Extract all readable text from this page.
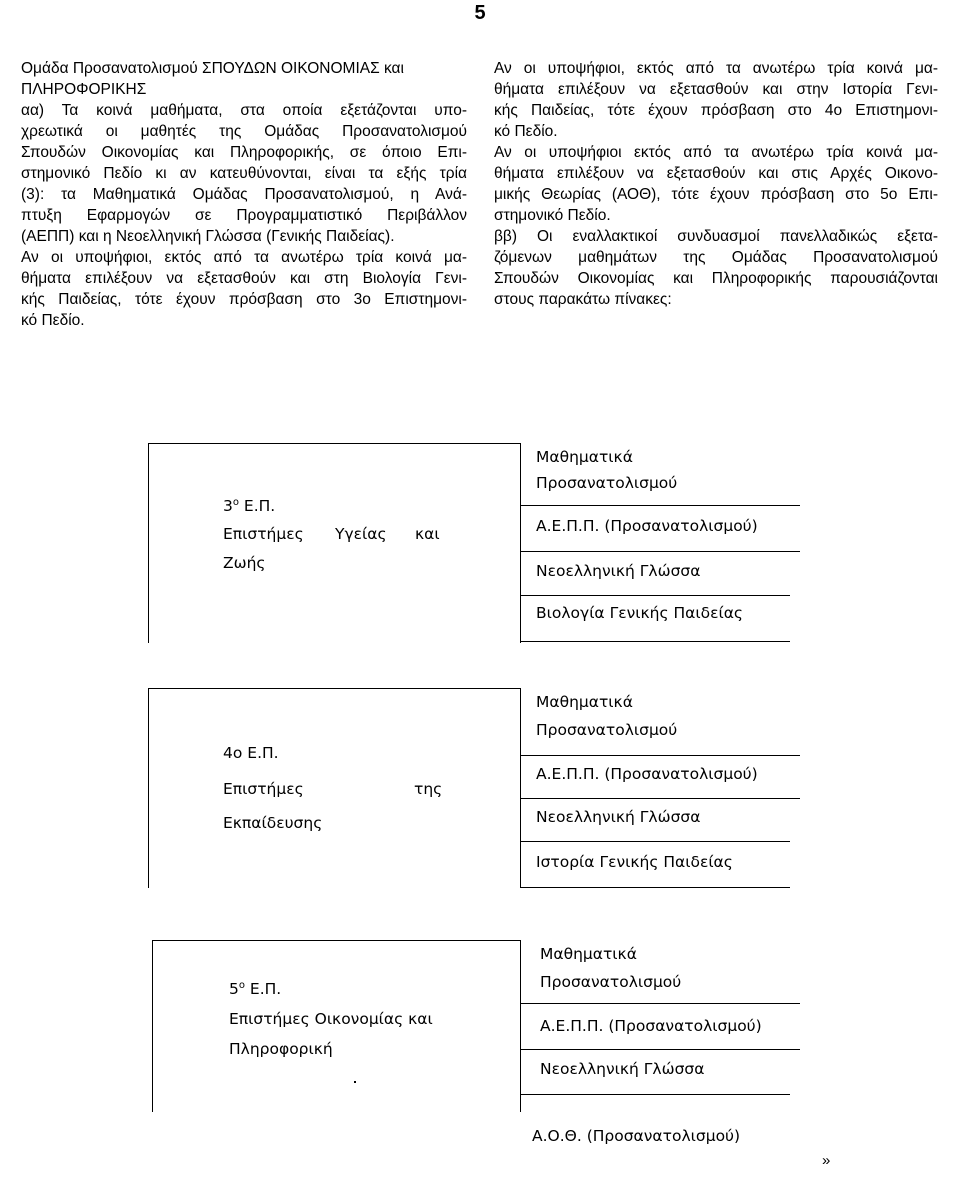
5
Ομάδα Προσανατολισμού ΣΠΟΥΔΩΝ ΟΙΚΟΝΟΜΙΑΣ και
ΠΛΗΡΟΦΟΡΙΚΗΣ
αα) Τα κοινά μαθήματα, στα οποία εξετάζονται υπο-
χρεωτικά οι μαθητές της Ομάδας Προσανατολισμού
Σπουδών Οικονομίας και Πληροφορικής, σε όποιο Επι-
στημονικό Πεδίο κι αν κατευθύνονται, είναι τα εξής τρία
(3): τα Μαθηματικά Ομάδας Προσανατολισμού, η Ανά-
πτυξη Εφαρμογών σε Προγραμματιστικό Περιβάλλον
(ΑΕΠΠ) και η Νεοελληνική Γλώσσα (Γενικής Παιδείας).
Αν οι υποψήφιοι, εκτός από τα ανωτέρω τρία κοινά μα-
θήματα επιλέξουν να εξετασθούν και στη Βιολογία Γενι-
κής Παιδείας, τότε έχουν πρόσβαση στο 3ο Επιστημονι-
κό Πεδίο.
Αν οι υποψήφιοι, εκτός από τα ανωτέρω τρία κοινά μα-
θήματα επιλέξουν να εξετασθούν και στην Ιστορία Γενι-
κής Παιδείας, τότε έχουν πρόσβαση στο 4ο Επιστημονι-
κό Πεδίο.
Αν οι υποψήφιοι εκτός από τα ανωτέρω τρία κοινά μα-
θήματα επιλέξουν να εξετασθούν και στις Αρχές Οικονο-
μικής Θεωρίας (ΑΟΘ), τότε έχουν πρόσβαση στο 5ο Επι-
στημονικό Πεδίο.
ββ) Οι εναλλακτικοί συνδυασμοί πανελλαδικώς εξετα-
ζόμενων μαθημάτων της Ομάδας Προσανατολισμού
Σπουδών Οικονομίας και Πληροφορικής παρουσιάζονται
στους παρακάτω πίνακες:
$3^o$ Ε.Π.
Επιστήμες Υγείας και
Ζωής
Μαθηματικά
Προσανατολισμού
Α.Ε.Π.Π. (Προσανατολισμού)
Νεοελληνική Γλώσσα
Βιολογία Γενικής Παιδείας
4ο Ε.Π.
Επιστήμες	της
Εκπαίδευσης
Μαθηματικά
Προσανατολισμού
Α.Ε.Π.Π. (Προσανατολισμού)
Νεοελληνική Γλώσσα
Ιστορία Γενικής Παιδείας
$5^o$ Ε.Π.
Επιστήμες Οικονομίας και
Πληροφορική
Μαθηματικά
Προσανατολισμού
Α.Ε.Π.Π. (Προσανατολισμού)
Νεοελληνική Γλώσσα
Α.Ο.Θ. (Προσανατολισμού)
»
